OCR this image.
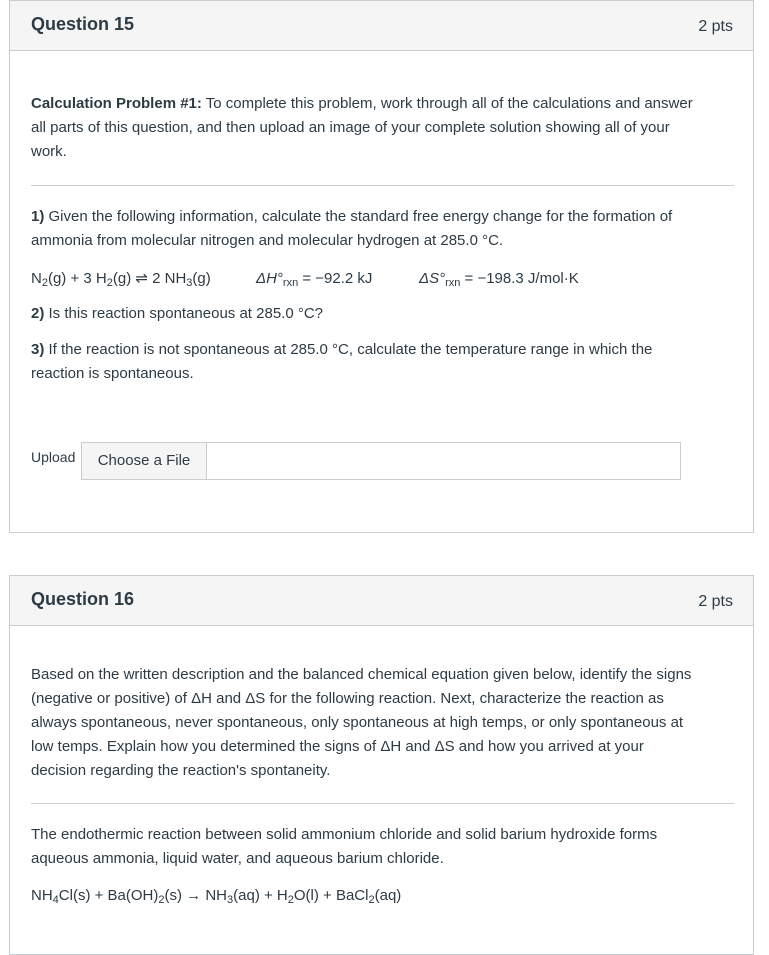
Question 15	2 pts

Calculation Problem #1: To complete this problem, work through all of the calculations and answer
all parts of this question, and then upload an image of your complete solution showing all of your
work.

1) Given the following information, calculate the standard free energy change for the formation of
ammonia from molecular nitrogen and molecular hydrogen at 285.0 °C.

$N_2(g) + 3$ $H_2(g)$ ⇌ 2 $NH_3(g)$	$\Delta H^\circ_{rxn} = -92.2$ kJ	$\Delta S^\circ_{rxn} = -198.3$ J/mol·K

2) Is this reaction spontaneous at 285.0 °C?

3) If the reaction is not spontaneous at 285.0 °C, calculate the temperature range in which the
reaction is spontaneous.

Upload	Choose a File
Question 16	2 pts

Based on the written description and the balanced chemical equation given below, identify the signs
(negative or positive) of ΔH and ΔS for the following reaction. Next, characterize the reaction as
always spontaneous, never spontaneous, only spontaneous at high temps, or only spontaneous at
low temps. Explain how you determined the signs of ΔH and ΔS and how you arrived at your
decision regarding the reaction's spontaneity.

The endothermic reaction between solid ammonium chloride and solid barium hydroxide forms
aqueous ammonia, liquid water, and aqueous barium chloride.

$NH_4Cl(s) + Ba(OH)_2(s) \to NH_3(aq) + H_2O(l)$ + BaCl$_2$(aq)
